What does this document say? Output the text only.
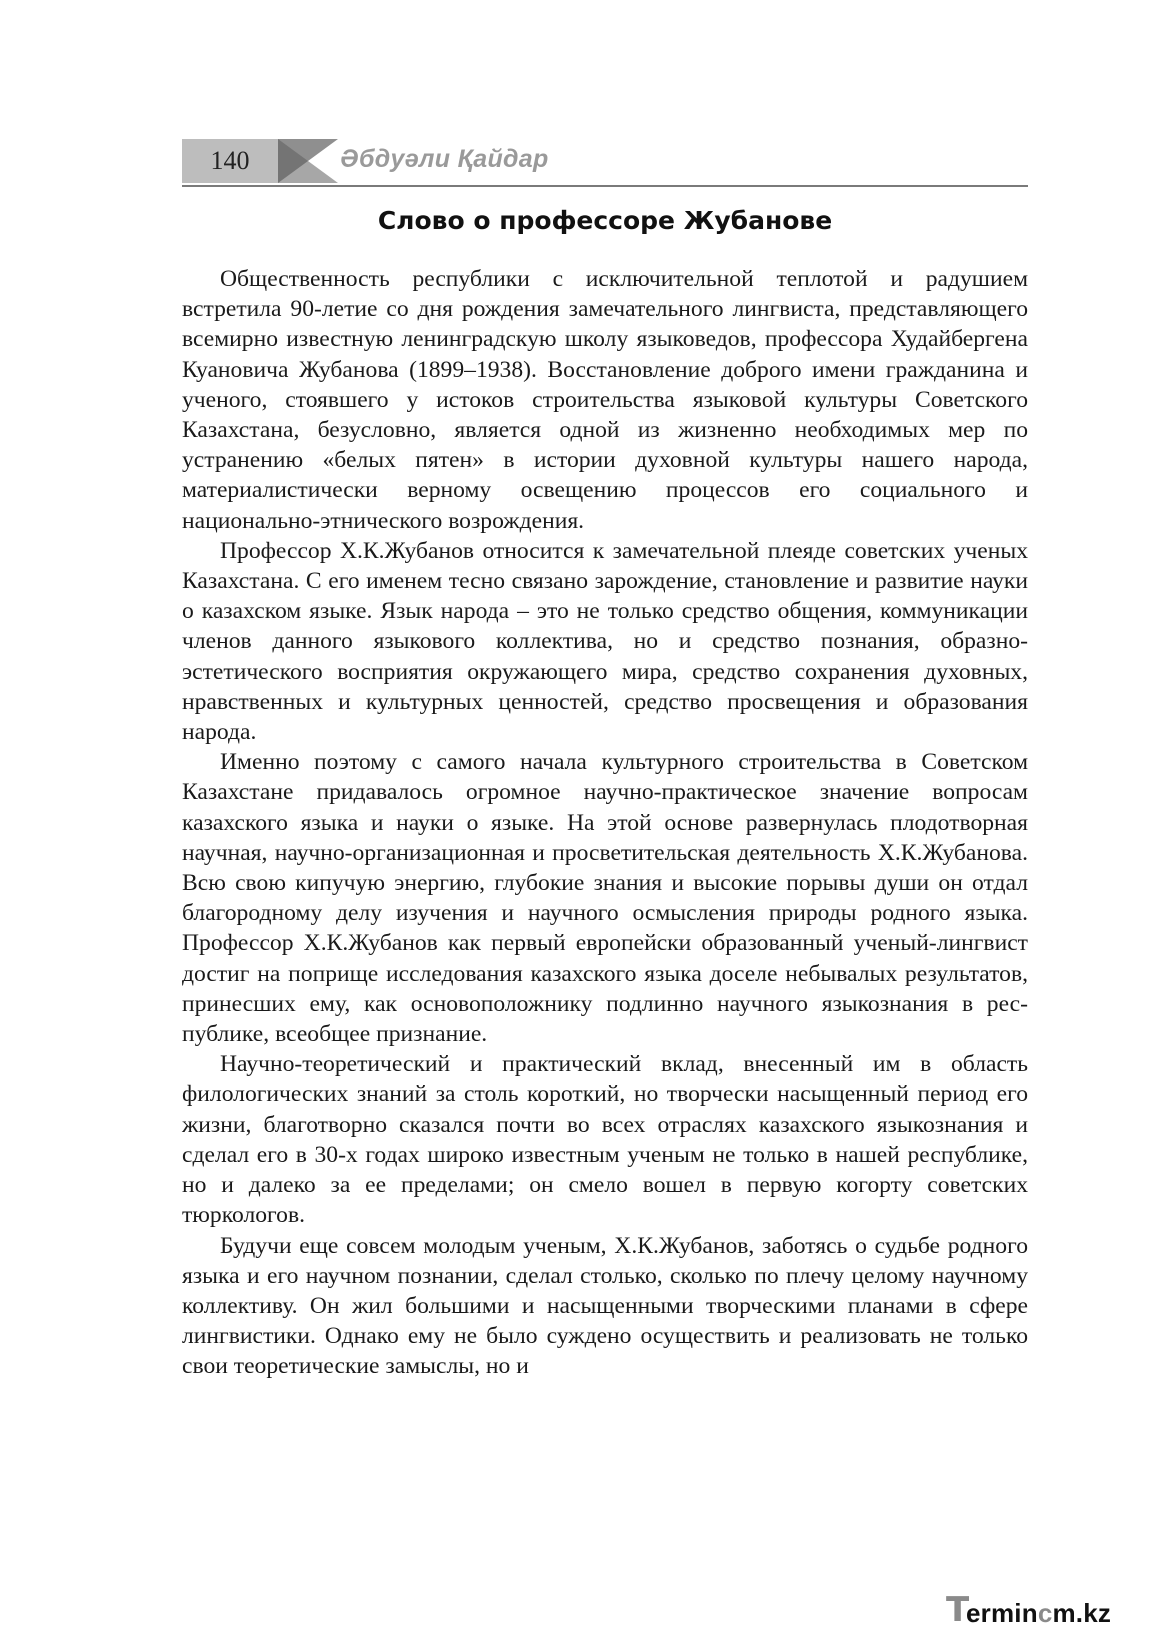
140	Әбдуәли Қайдар
Слово о профессоре Жубанове

Общественность республики с исключительной теплотой и радушием встретила 90-летие со дня рождения замечательного лингвиста, представляющего всемирно известную ленинградскую школу языковедов, профессора Худайбергена Куановича Жубанова (1899–1938). Восстановление доброго имени гражданина и ученого, стоявшего у истоков строительства языковой культуры Советского Казахстана, безусловно, является одной из жизненно необходимых мер по устранению «белых пятен» в истории духовной культуры нашего народа, материалистически верному освещению процессов его социального и национально-этнического возрождения.

Профессор Х.К.Жубанов относится к замечательной плеяде советских ученых Казахстана. С его именем тесно связано зарождение, становление и развитие науки о казахском языке. Язык народа – это не только средство общения, коммуникации членов данного языкового коллектива, но и средство познания, образно-эстетического восприятия окружающего мира, средство сохранения духовных, нравственных и культурных ценностей, средство просвещения и образования народа.

Именно поэтому с самого начала культурного строительства в Советском Казахстане придавалось огромное научно-практическое значение вопросам казахского языка и науки о языке. На этой основе развернулась плодотворная научная, научно-организационная и просветительская деятельность Х.К.Жубанова. Всю свою кипучую энергию, глубокие знания и высокие порывы души он отдал благородному делу изучения и научного осмысления природы родного языка. Профессор Х.К.Жубанов как первый европейски образованный ученый-лингвист достиг на поприще исследования казахского языка доселе небывалых результатов, принесших ему, как основоположнику подлинно научного языкознания в республике, всеобщее признание.

Научно-теоретический и практический вклад, внесенный им в область филологических знаний за столь короткий, но творчески насыщенный период его жизни, благотворно сказался почти во всех отраслях казахского языкознания и сделал его в 30-х годах широко известным ученым не только в нашей республике, но и далеко за ее пределами; он смело вошел в первую когорту советских тюркологов.

Будучи еще совсем молодым ученым, Х.К.Жубанов, заботясь о судьбе родного языка и его научном познании, сделал столько, сколько по плечу целому научному коллективу. Он жил большими и насыщенными творческими планами в сфере лингвистики. Однако ему не было суждено осуществить и реализовать не только свои теоретические замыслы, но и

T
ermincm.kz
